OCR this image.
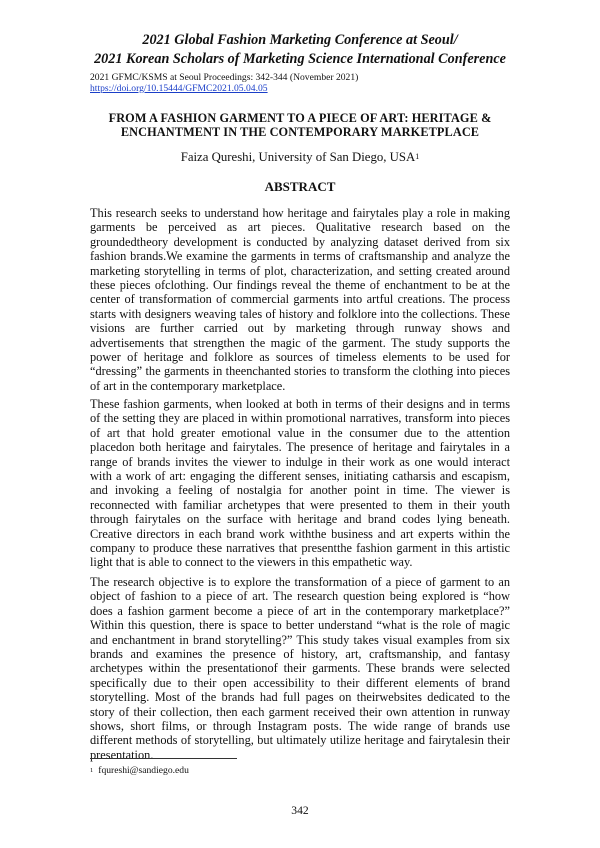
2021 Global Fashion Marketing Conference at Seoul/
2021 Korean Scholars of Marketing Science International Conference
2021 GFMC/KSMS at Seoul Proceedings: 342-344 (November 2021)
https://doi.org/10.15444/GFMC2021.05.04.05
FROM A FASHION GARMENT TO A PIECE OF ART: HERITAGE &
ENCHANTMENT IN THE CONTEMPORARY MARKETPLACE
Faiza Qureshi, University of San Diego, USA$^1$
ABSTRACT

This research seeks to understand how heritage and fairytales play a role in making garments be perceived as art pieces. Qualitative research based on the groundedtheory development is conducted by analyzing dataset derived from six fashion brands.We examine the garments in terms of craftsmanship and analyze the marketing storytelling in terms of plot, characterization, and setting created around these pieces ofclothing. Our findings reveal the theme of enchantment to be at the center of transformation of commercial garments into artful creations. The process starts with designers weaving tales of history and folklore into the collections. These visions are further carried out by marketing through runway shows and advertisements that strengthen the magic of the garment. The study supports the power of heritage and folklore as sources of timeless elements to be used for “dressing” the garments in theenchanted stories to transform the clothing into pieces of art in the contemporary marketplace.

These fashion garments, when looked at both in terms of their designs and in terms of the setting they are placed in within promotional narratives, transform into pieces of art that hold greater emotional value in the consumer due to the attention placedon both heritage and fairytales. The presence of heritage and fairytales in a range of brands invites the viewer to indulge in their work as one would interact with a work of art: engaging the different senses, initiating catharsis and escapism, and invoking a feeling of nostalgia for another point in time. The viewer is reconnected with familiar archetypes that were presented to them in their youth through fairytales on the surface with heritage and brand codes lying beneath. Creative directors in each brand work withthe business and art experts within the company to produce these narratives that presentthe fashion garment in this artistic light that is able to connect to the viewers in this empathetic way.

The research objective is to explore the transformation of a piece of garment to an object of fashion to a piece of art. The research question being explored is “how does a fashion garment become a piece of art in the contemporary marketplace?” Within this question, there is space to better understand “what is the role of magic and enchantment in brand storytelling?” This study takes visual examples from six brands and examines the presence of history, art, craftsmanship, and fantasy archetypes within the presentationof their garments. These brands were selected specifically due to their open accessibility to their different elements of brand storytelling. Most of the brands had full pages on theirwebsites dedicated to the story of their collection, then each garment received their own attention in runway shows, short films, or through Instagram posts. The wide range of brands use different methods of storytelling, but ultimately utilize heritage and fairytalesin their presentation.

$^1$ fqureshi@sandiego.edu
342
